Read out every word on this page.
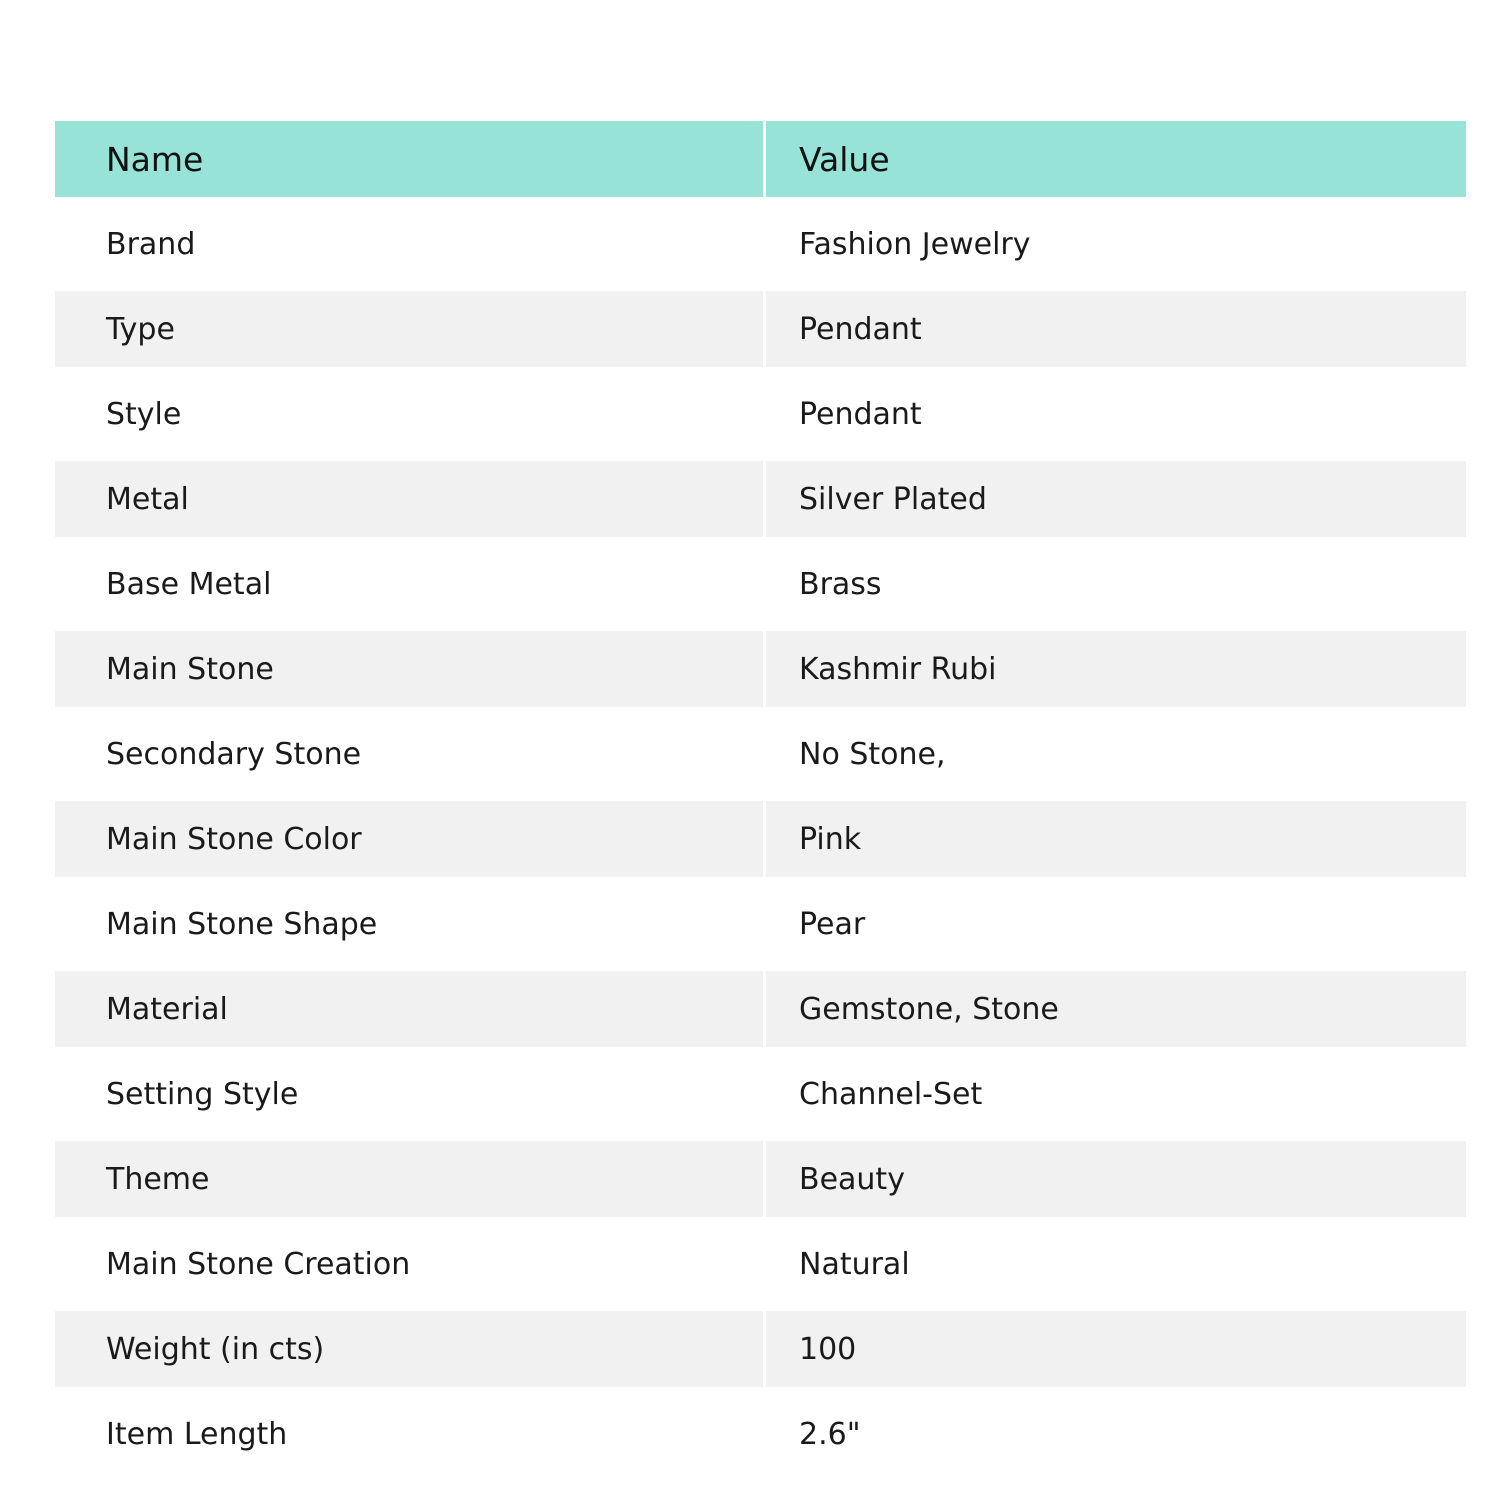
Name	Value
Brand	Fashion Jewelry
Type	Pendant
Style	Pendant
Metal	Silver Plated
Base Metal	Brass
Main Stone	Kashmir Rubi
Secondary Stone	No Stone,
Main Stone Color	Pink
Main Stone Shape	Pear
Material	Gemstone, Stone
Setting Style	Channel-Set
Theme	Beauty
Main Stone Creation	Natural
Weight (in cts)	100
Item Length	2.6"
